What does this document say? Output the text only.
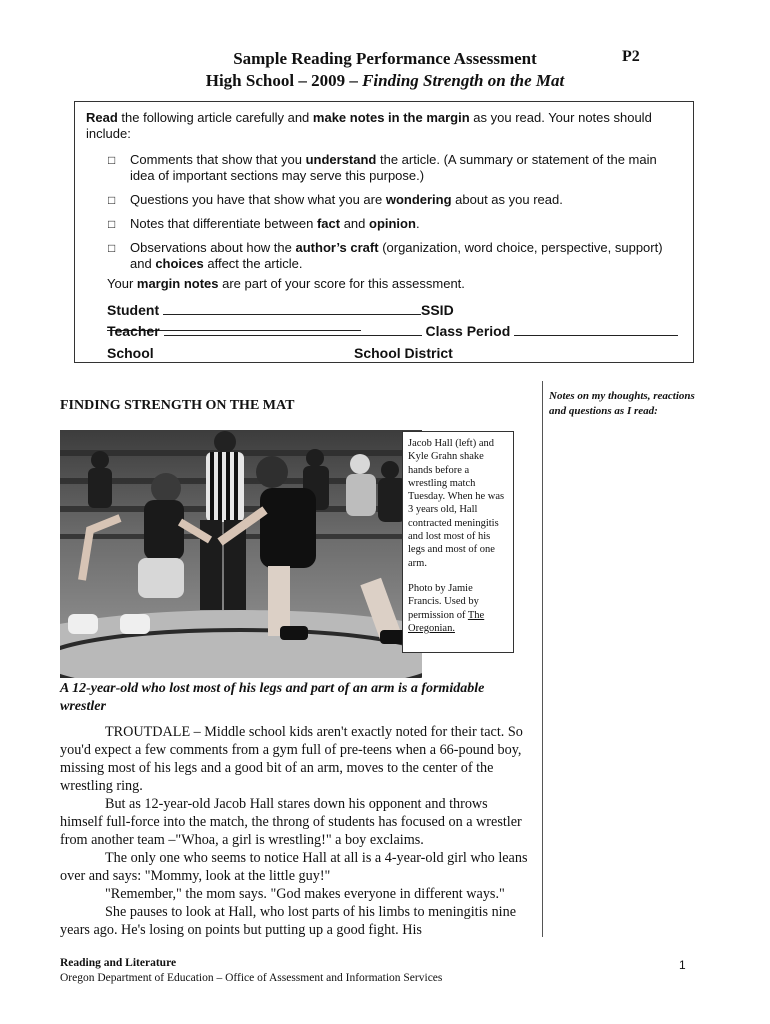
Sample Reading Performance Assessment
High School – 2009 – Finding Strength on the Mat
P2

Read the following article carefully and make notes in the margin as you read. Your notes should include:

□ Comments that show that you understand the article. (A summary or statement of the main idea of important sections may serve this purpose.)

□ Questions you have that show what you are wondering about as you read.

□ Notes that differentiate between fact and opinion.

□ Observations about how the author’s craft (organization, word choice, perspective, support) and choices affect the article.

Your margin notes are part of your score for this assessment.

Student	SSID
Teacher	Class Period
School	School District
Notes on my thoughts, reactions and questions as I read:
FINDING STRENGTH ON THE MAT
Jacob Hall (left) and Kyle Grahn shake hands before a wrestling match Tuesday. When he was 3 years old, Hall contracted meningitis and lost most of his legs and most of one arm.
Photo by Jamie Francis. Used by permission of The Oregonian.
A 12-year-old who lost most of his legs and part of an arm is a formidable wrestler

TROUTDALE – Middle school kids aren't exactly noted for their tact. So you'd expect a few comments from a gym full of pre-teens when a 66-pound boy, missing most of his legs and a good bit of an arm, moves to the center of the wrestling ring.

But as 12-year-old Jacob Hall stares down his opponent and throws himself full-force into the match, the throng of students has focused on a wrestler from another team –"Whoa, a girl is wrestling!" a boy exclaims.

The only one who seems to notice Hall at all is a 4-year-old girl who leans over and says: "Mommy, look at the little guy!"

"Remember," the mom says. "God makes everyone in different ways."

She pauses to look at Hall, who lost parts of his limbs to meningitis nine years ago. He's losing on points but putting up a good fight. His

Reading and Literature
Oregon Department of Education – Office of Assessment and Information Services
1
